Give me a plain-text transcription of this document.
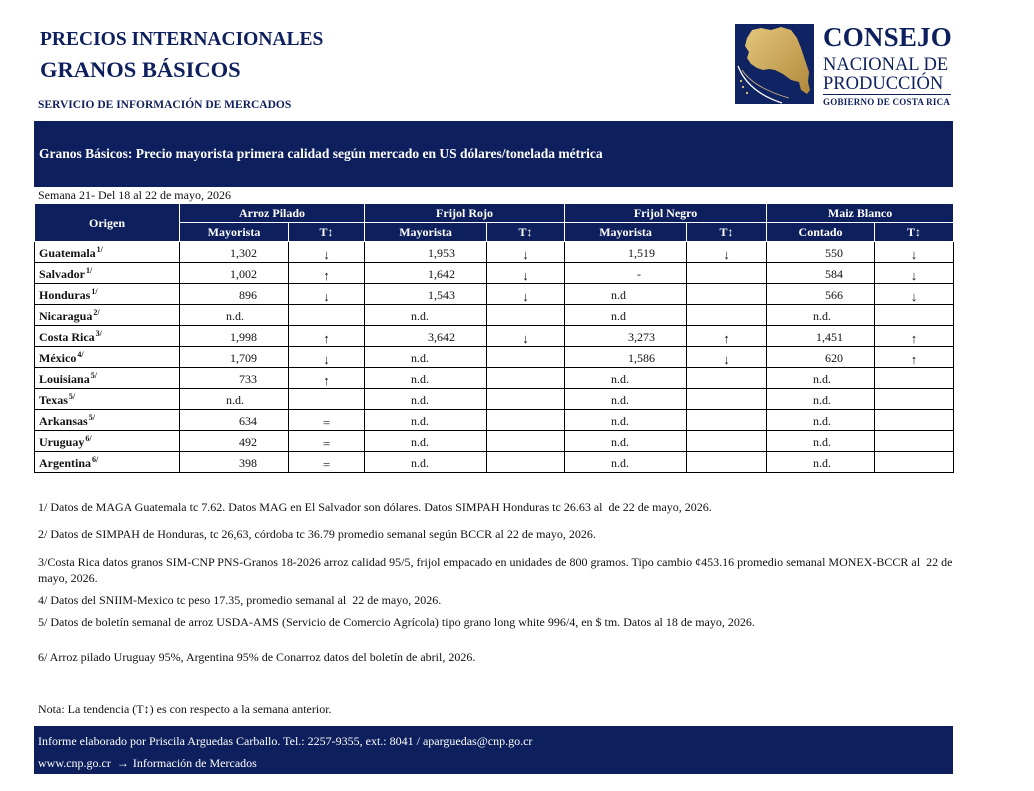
PRECIOS INTERNACIONALES
GRANOS BÁSICOS
SERVICIO DE INFORMACIÓN DE MERCADOS
CONSEJO
NACIONAL DE
PRODUCCIÓN
GOBIERNO DE COSTA RICA
Granos Básicos: Precio mayorista primera calidad según mercado en US dólares/tonelada métrica
Semana 21- Del 18 al 22 de mayo, 2026
Origen	Arroz Pilado		Frijol Rojo		Frijol Negro		Maiz Blanco	
	Mayorista	T↕	Mayorista	T↕	Mayorista	T↕	Contado	T↕
Guatemala$^{1/}$	1,302	↓	1,953	↓	1,519	↓	550	↓
Salvador$^{1/}$	1,002	↑	1,642	↓	-		584	↓
Honduras$^{1/}$	896	↓	1,543	↓	n.d		566	↓
Nicaragua$^{2/}$	n.d.		n.d.		n.d		n.d.	
Costa Rica$^{3/}$	1,998	↑	3,642	↓	3,273	↑	1,451	↑
México$^{4/}$	1,709	↓	n.d.		1,586	↓	620	↑
Louisiana$^{5/}$	733	↑	n.d.		n.d.		n.d.	
Texas$^{5/}$	n.d.		n.d.		n.d.		n.d.	
Arkansas$^{5/}$	634	=	n.d.		n.d.		n.d.	
Uruguay$^{6/}$	492	=	n.d.		n.d.		n.d.	
Argentina$^{6/}$	398	=	n.d.		n.d.		n.d.	
1/ Datos de MAGA Guatemala tc 7.62. Datos MAG en El Salvador son dólares. Datos SIMPAH Honduras tc 26.63 al  de 22 de mayo, 2026.
2/ Datos de SIMPAH de Honduras, tc 26,63, córdoba tc 36.79 promedio semanal según BCCR al 22 de mayo, 2026.
3/Costa Rica datos granos SIM-CNP PNS-Granos 18-2026 arroz calidad 95/5, frijol empacado en unidades de 800 gramos. Tipo cambio ¢453.16 promedio semanal MONEX-BCCR al  22 de mayo, 2026.
4/ Datos del SNIIM-Mexico tc peso 17.35, promedio semanal al  22 de mayo, 2026.
5/ Datos de boletín semanal de arroz USDA-AMS (Servicio de Comercio Agrícola) tipo grano long white 996/4, en $ tm. Datos al 18 de mayo, 2026.
6/ Arroz pilado Uruguay 95%, Argentina 95% de Conarroz datos del boletín de abril, 2026.
Nota: La tendencia (T↕) es con respecto a la semana anterior.
Informe elaborado por Priscila Arguedas Carballo. Tel.: 2257-9355, ext.: 8041 / aparguedas@cnp.go.cr
www.cnp.go.cr → Información de Mercados
